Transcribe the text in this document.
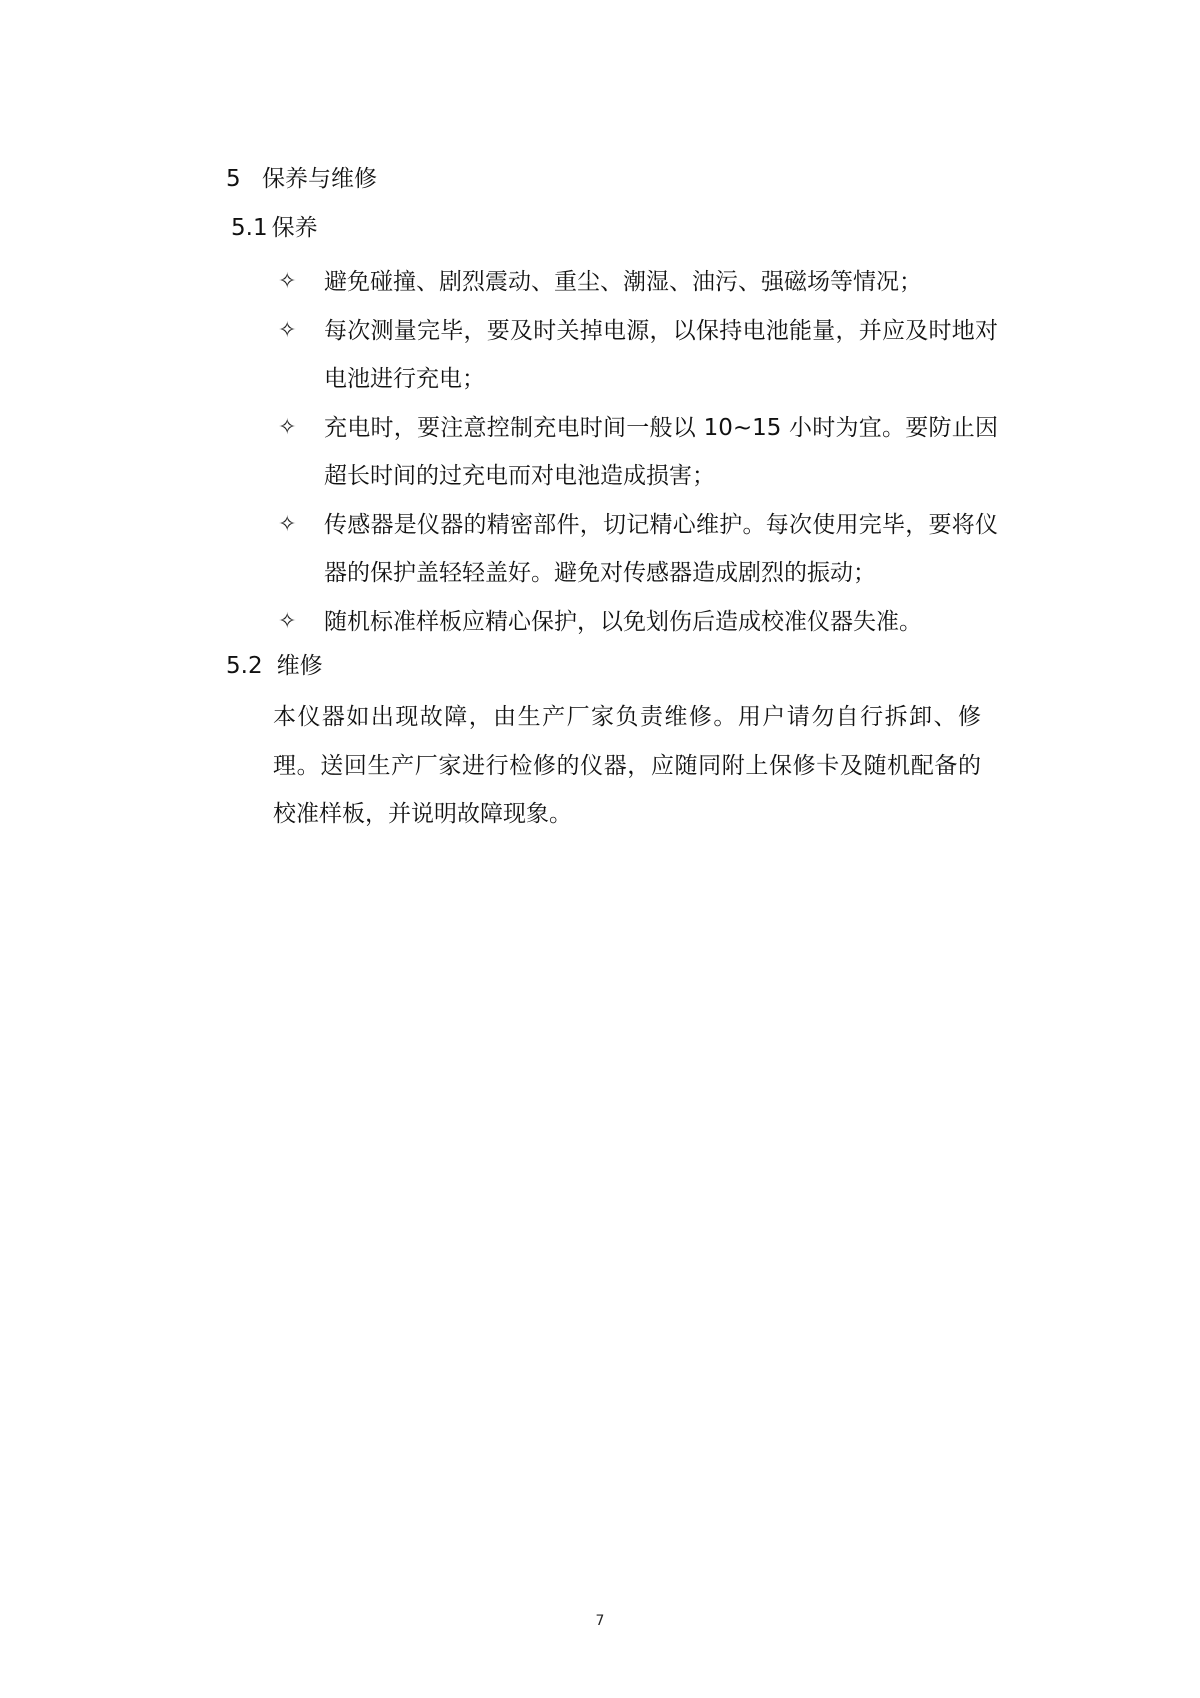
5 保养与维修
5.1 保养
✧	避免碰撞、剧烈震动、重尘、潮湿、油污、强磁场等情况；
✧	每次测量完毕，要及时关掉电源，以保持电池能量，并应及时地对电池进行充电；
✧	充电时，要注意控制充电时间一般以 10~15 小时为宜。要防止因超长时间的过充电而对电池造成损害；
✧	传感器是仪器的精密部件，切记精心维护。每次使用完毕，要将仪器的保护盖轻轻盖好。避免对传感器造成剧烈的振动；
✧	随机标准样板应精心保护，以免划伤后造成校准仪器失准。
5.2 维修

本仪器如出现故障，由生产厂家负责维修。用户请勿自行拆卸、修理。送回生产厂家进行检修的仪器，应随同附上保修卡及随机配备的校准样板，并说明故障现象。

7
